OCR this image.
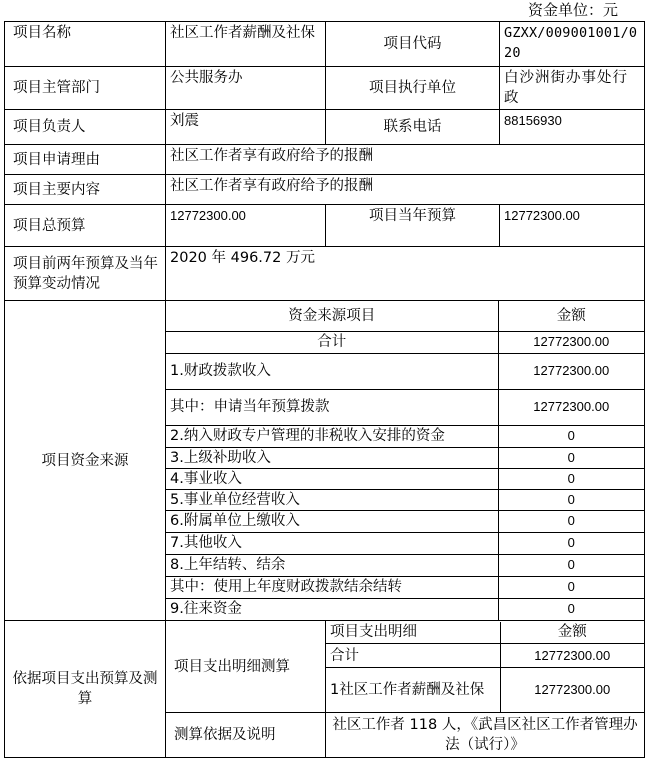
资金单位：元
项目名称	社区工作者薪酬及社保	项目代码	GZXX/009001001/020
项目主管部门	公共服务办	项目执行单位	白沙洲街办事处行政
项目负责人	刘震	联系电话	88156930
项目申请理由	社区工作者享有政府给予的报酬
项目主要内容	社区工作者享有政府给予的报酬
项目总预算	12772300.00	项目当年预算	12772300.00
项目前两年预算及当年预算变动情况	2020 年 496.72 万元
项目资金来源	
资金来源项目	金额
合计	12772300.00
1.财政拨款收入	12772300.00
其中：申请当年预算拨款	12772300.00
2.纳入财政专户管理的非税收入安排的资金	0
3.上级补助收入	0
4.事业收入	0
5.事业单位经营收入	0
6.附属单位上缴收入	0
7.其他收入	0
8.上年结转、结余	0
其中：使用上年度财政拨款结余结转	0
9.往来资金	0

依据项目支出预算及测算	项目支出明细测算	
项目支出明细	金额
合计	12772300.00
1社区工作者薪酬及社保	12772300.00

测算依据及说明	社区工作者 118 人，《武昌区社区工作者管理办法（试行）》
